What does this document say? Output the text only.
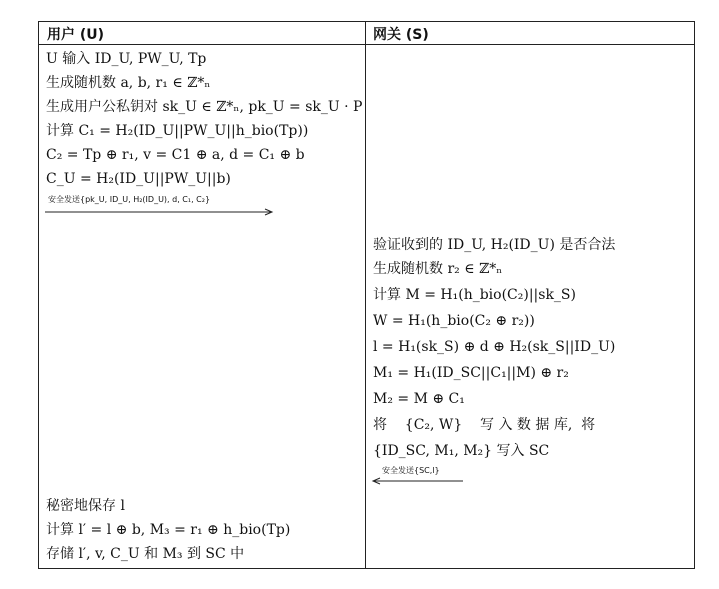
用户 (U)	网关 (S)
U 输入 ID_U, PW_U, Tp
生成随机数 a, b, r₁ ∈ ℤ*ₙ
生成用户公私钥对 sk_U ∈ ℤ*ₙ, pk_U = sk_U · P
计算 C₁ = H₂(ID_U||PW_U||h_bio(Tp))
C₂ = Tp ⊕ r₁, v = C1 ⊕ a, d = C₁ ⊕ b
C_U = H₂(ID_U||PW_U||b)
安全发送{pk_U, ID_U, H₂(ID_U), d, C₁, C₂}
验证收到的 ID_U, H₂(ID_U) 是否合法
生成随机数 r₂ ∈ ℤ*ₙ
计算 M = H₁(h_bio(C₂)||sk_S)
W = H₁(h_bio(C₂ ⊕ r₂))
l = H₁(sk_S) ⊕ d ⊕ H₂(sk_S||ID_U)
M₁ = H₁(ID_SC||C₁||M) ⊕ r₂
M₂ = M ⊕ C₁
将    {C₂, W}    写 入 数 据 库,  将
{ID_SC, M₁, M₂} 写入 SC
安全发送{SC,l}
秘密地保存 l
计算 l′ = l ⊕ b, M₃ = r₁ ⊕ h_bio(Tp)
存储 l′, v, C_U 和 M₃ 到 SC 中
